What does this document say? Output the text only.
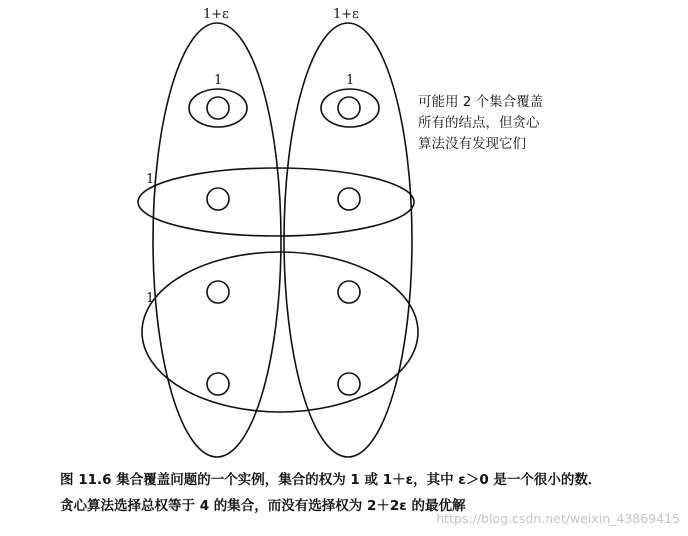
1+ε	1+ε
1	1
1
1
可能用 2 个集合覆盖
所有的结点，但贪心
算法没有发现它们
图 11.6 集合覆盖问题的一个实例，集合的权为 1 或 1＋ε，其中 ε＞0 是一个很小的数．
贪心算法选择总权等于 4 的集合，而没有选择权为 2＋2ε 的最优解
https://blog.csdn.net/weixin_43869415
